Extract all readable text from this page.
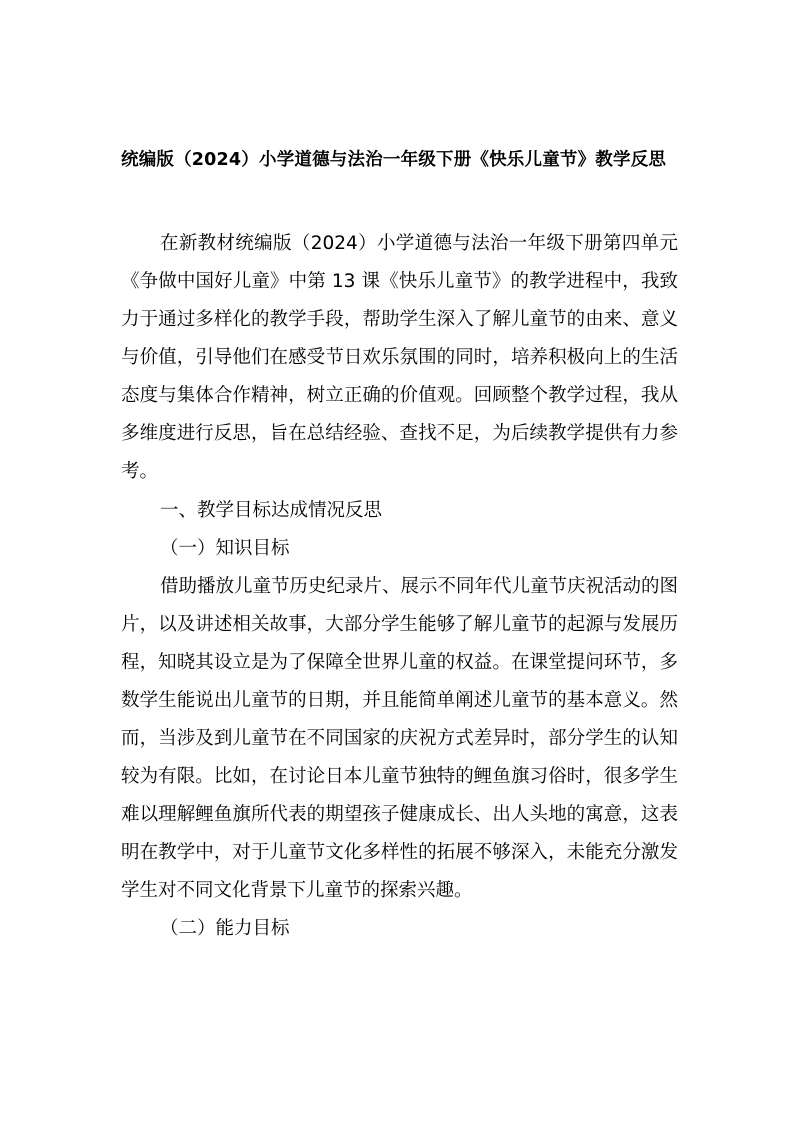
统编版（2024）小学道德与法治一年级下册《快乐儿童节》教学反思

在新教材统编版（2024）小学道德与法治一年级下册第四单元

《争做中国好儿童》中第 13 课《快乐儿童节》的教学进程中，我致

力于通过多样化的教学手段，帮助学生深入了解儿童节的由来、意义

与价值，引导他们在感受节日欢乐氛围的同时，培养积极向上的生活

态度与集体合作精神，树立正确的价值观。回顾整个教学过程，我从

多维度进行反思，旨在总结经验、查找不足，为后续教学提供有力参

考。

一、教学目标达成情况反思

（一）知识目标

借助播放儿童节历史纪录片、展示不同年代儿童节庆祝活动的图

片，以及讲述相关故事，大部分学生能够了解儿童节的起源与发展历

程，知晓其设立是为了保障全世界儿童的权益。在课堂提问环节，多

数学生能说出儿童节的日期，并且能简单阐述儿童节的基本意义。然

而，当涉及到儿童节在不同国家的庆祝方式差异时，部分学生的认知

较为有限。比如，在讨论日本儿童节独特的鲤鱼旗习俗时，很多学生

难以理解鲤鱼旗所代表的期望孩子健康成长、出人头地的寓意，这表

明在教学中，对于儿童节文化多样性的拓展不够深入，未能充分激发

学生对不同文化背景下儿童节的探索兴趣。

（二）能力目标
